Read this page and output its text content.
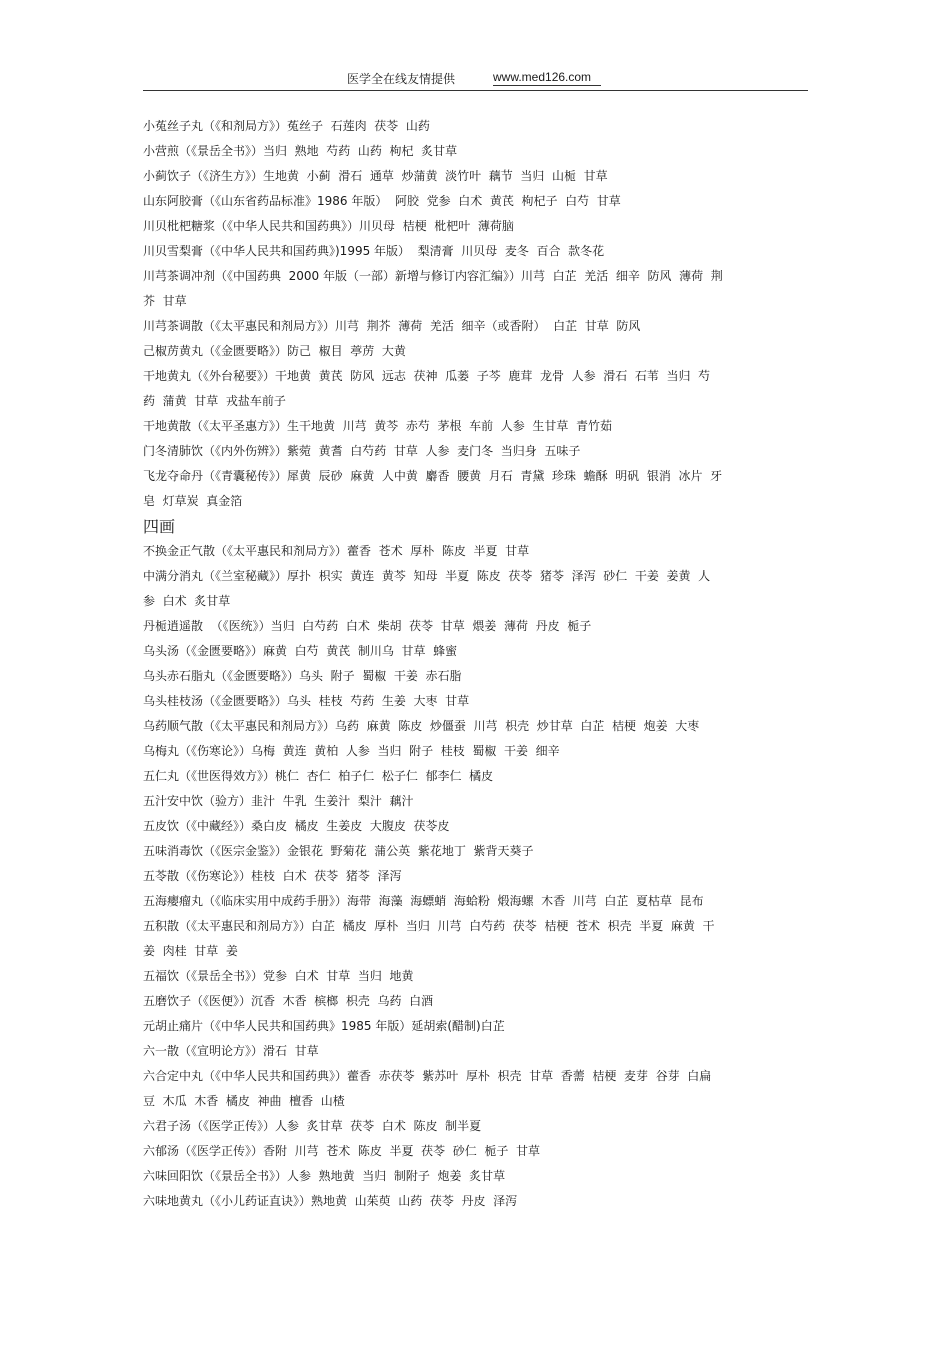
医学全在线友情提供	www.med126.com
小菟丝子丸（《和剂局方》）菟丝子  石莲肉  茯苓  山药
小营煎（《景岳全书》）当归  熟地  芍药  山药  枸杞  炙甘草
小蓟饮子（《济生方》）生地黄  小蓟  滑石  通草  炒蒲黄  淡竹叶  藕节  当归  山栀  甘草
山东阿胶膏（《山东省药品标准》1986 年版）  阿胶  党参  白术  黄芪  枸杞子  白芍  甘草
川贝枇杷糖浆（《中华人民共和国药典》）川贝母  桔梗  枇杷叶  薄荷脑
川贝雪梨膏（《中华人民共和国药典》)1995 年版）  梨清膏  川贝母  麦冬  百合  款冬花
川芎茶调冲剂（《中国药典  2000 年版（一部）新增与修订内容汇编》）川芎  白芷  羌活  细辛  防风  薄荷  荆
芥  甘草
川芎茶调散（《太平惠民和剂局方》）川芎  荆芥  薄荷  羌活  细辛（或香附）  白芷  甘草  防风
己椒苈黄丸（《金匮要略》）防己  椒目  葶苈  大黄
干地黄丸（《外台秘要》）干地黄  黄芪  防风  远志  茯神  瓜蒌  子芩  鹿茸  龙骨  人参  滑石  石苇  当归  芍
药  蒲黄  甘草  戎盐车前子
干地黄散（《太平圣惠方》）生干地黄  川芎  黄芩  赤芍  茅根  车前  人参  生甘草  青竹茹
门冬清肺饮（《内外伤辨》）紫菀  黄耆  白芍药  甘草  人参  麦门冬  当归身  五味子
飞龙夺命丹（《青囊秘传》）犀黄  辰砂  麻黄  人中黄  麝香  腰黄  月石  青黛  珍珠  蟾酥  明矾  银消  冰片  牙
皂  灯草炭  真金箔
四画
不换金正气散（《太平惠民和剂局方》）藿香  苍术  厚朴  陈皮  半夏  甘草
中满分消丸（《兰室秘藏》）厚扑  枳实  黄连  黄芩  知母  半夏  陈皮  茯苓  猪苓  泽泻  砂仁  干姜  姜黄  人
参  白术  炙甘草
丹栀逍遥散  （《医统》）当归  白芍药  白术  柴胡  茯苓  甘草  煨姜  薄荷  丹皮  栀子
乌头汤（《金匮要略》）麻黄  白芍  黄芪  制川乌  甘草  蜂蜜
乌头赤石脂丸（《金匮要略》）乌头  附子  蜀椒  干姜  赤石脂
乌头桂枝汤（《金匮要略》）乌头  桂枝  芍药  生姜  大枣  甘草
乌药顺气散（《太平惠民和剂局方》）乌药  麻黄  陈皮  炒僵蚕  川芎  枳壳  炒甘草  白芷  桔梗  炮姜  大枣
乌梅丸（《伤寒论》）乌梅  黄连  黄柏  人参  当归  附子  桂枝  蜀椒  干姜  细辛
五仁丸（《世医得效方》）桃仁  杏仁  柏子仁  松子仁  郁李仁  橘皮
五汁安中饮（验方）韭汁  牛乳  生姜汁  梨汁  藕汁
五皮饮（《中藏经》）桑白皮  橘皮  生姜皮  大腹皮  茯苓皮
五味消毒饮（《医宗金鉴》）金银花  野菊花  蒲公英  紫花地丁  紫背天葵子
五苓散（《伤寒论》）桂枝  白术  茯苓  猪苓  泽泻
五海瘿瘤丸（《临床实用中成药手册》）海带  海藻  海螵蛸  海蛤粉  煅海螺  木香  川芎  白芷  夏枯草  昆布
五积散（《太平惠民和剂局方》）白芷  橘皮  厚朴  当归  川芎  白芍药  茯苓  桔梗  苍术  枳壳  半夏  麻黄  干
姜  肉桂  甘草  姜
五福饮（《景岳全书》）党参  白术  甘草  当归  地黄
五磨饮子（《医便》）沉香  木香  槟榔  枳壳  乌药  白酒
元胡止痛片（《中华人民共和国药典》1985 年版）延胡索(醋制)白芷
六一散（《宣明论方》）滑石  甘草
六合定中丸（《中华人民共和国药典》）藿香  赤茯苓  紫苏叶  厚朴  枳壳  甘草  香薷  桔梗  麦芽  谷芽  白扁
豆  木瓜  木香  橘皮  神曲  檀香  山楂
六君子汤（《医学正传》）人参  炙甘草  茯苓  白术  陈皮  制半夏
六郁汤（《医学正传》）香附  川芎  苍术  陈皮  半夏  茯苓  砂仁  栀子  甘草
六味回阳饮（《景岳全书》）人参  熟地黄  当归  制附子  炮姜  炙甘草
六味地黄丸（《小儿药证直诀》）熟地黄  山茱萸  山药  茯苓  丹皮  泽泻
